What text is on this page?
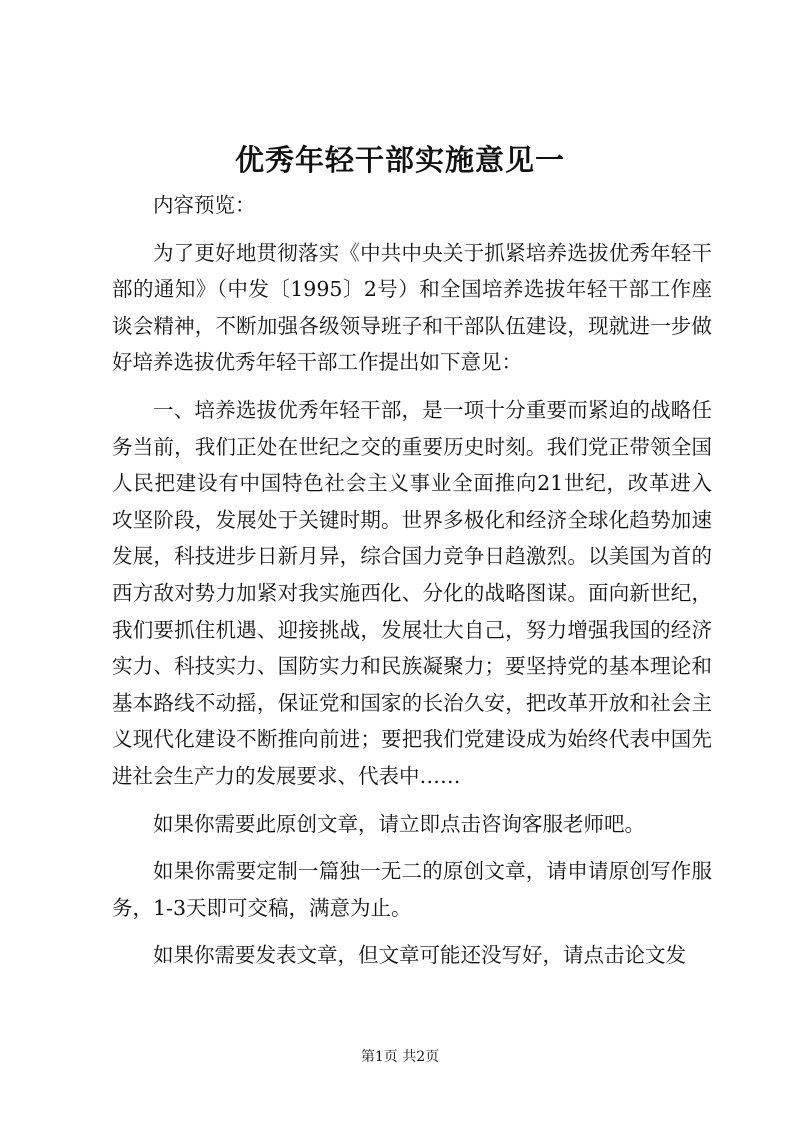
优秀年轻干部实施意见一

内容预览：

为了更好地贯彻落实《中共中央关于抓紧培养选拔优秀年轻干部的通知》（中发〔1995〕2号）和全国培养选拔年轻干部工作座谈会精神，不断加强各级领导班子和干部队伍建设，现就进一步做好培养选拔优秀年轻干部工作提出如下意见：

一、培养选拔优秀年轻干部，是一项十分重要而紧迫的战略任务当前，我们正处在世纪之交的重要历史时刻。我们党正带领全国人民把建设有中国特色社会主义事业全面推向21世纪，改革进入攻坚阶段，发展处于关键时期。世界多极化和经济全球化趋势加速发展，科技进步日新月异，综合国力竞争日趋激烈。以美国为首的西方敌对势力加紧对我实施西化、分化的战略图谋。面向新世纪，我们要抓住机遇、迎接挑战，发展壮大自己，努力增强我国的经济实力、科技实力、国防实力和民族凝聚力；要坚持党的基本理论和基本路线不动摇，保证党和国家的长治久安，把改革开放和社会主义现代化建设不断推向前进；要把我们党建设成为始终代表中国先进社会生产力的发展要求、代表中……

如果你需要此原创文章，请立即点击咨询客服老师吧。

如果你需要定制一篇独一无二的原创文章，请申请原创写作服务，1-3天即可交稿，满意为止。

如果你需要发表文章，但文章可能还没写好，请点击论文发

第1页 共2页
